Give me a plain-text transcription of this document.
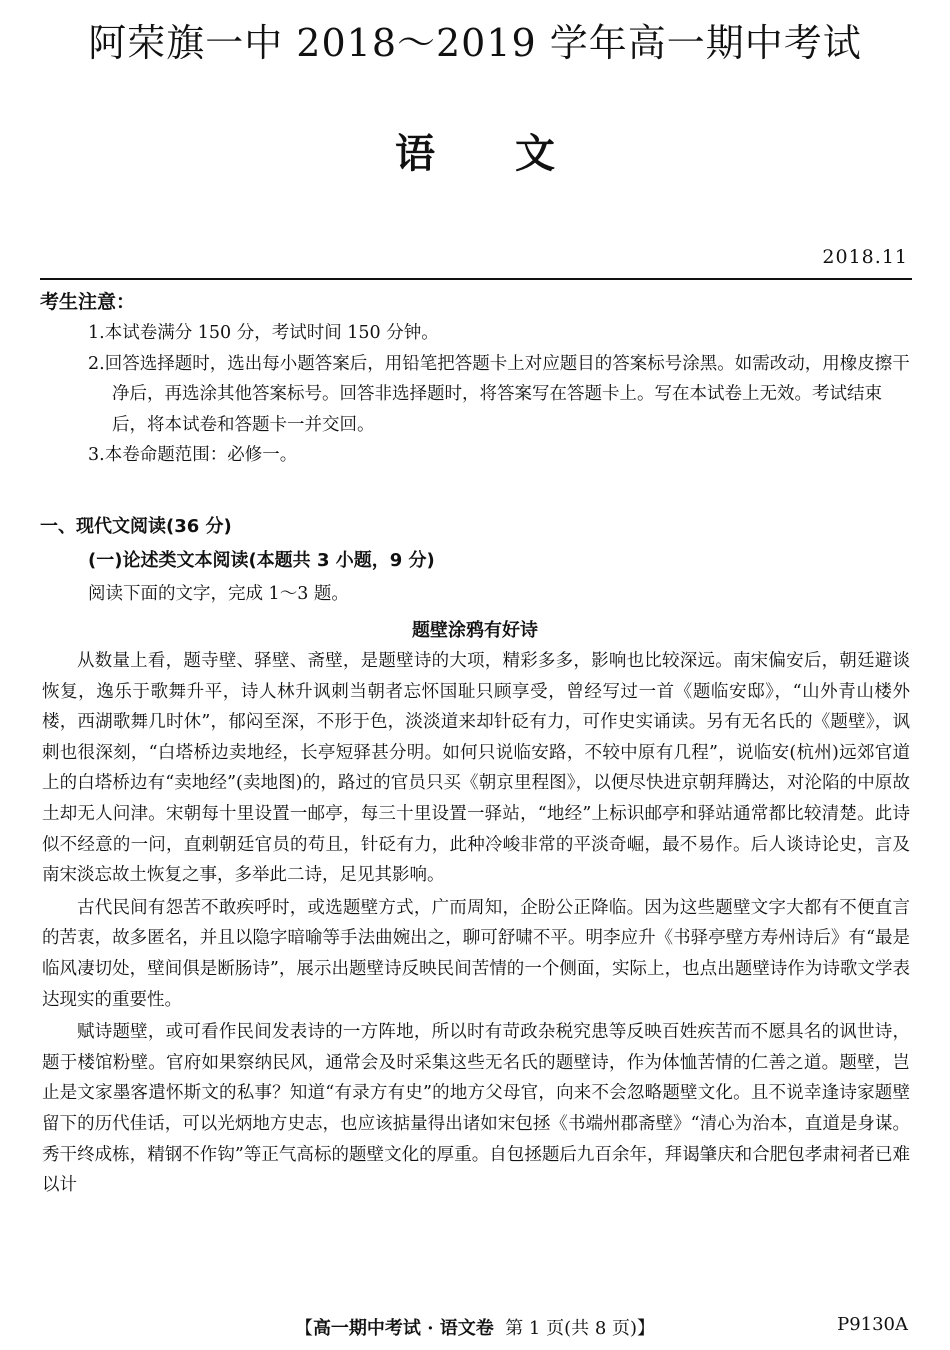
阿荣旗一中 2018～2019 学年高一期中考试
语文
2018.11
考生注意：

1.本试卷满分 150 分，考试时间 150 分钟。

2.回答选择题时，选出每小题答案后，用铅笔把答题卡上对应题目的答案标号涂黑。如需改动，用橡皮擦干净后，再选涂其他答案标号。回答非选择题时，将答案写在答题卡上。写在本试卷上无效。考试结束后，将本试卷和答题卡一并交回。

3.本卷命题范围：必修一。

一、现代文阅读(36 分)
(一)论述类文本阅读(本题共 3 小题，9 分)
阅读下面的文字，完成 1～3 题。
题壁涂鸦有好诗

从数量上看，题寺壁、驿壁、斋壁，是题壁诗的大项，精彩多多，影响也比较深远。南宋偏安后，朝廷避谈恢复，逸乐于歌舞升平，诗人林升讽刺当朝者忘怀国耻只顾享受，曾经写过一首《题临安邸》，“山外青山楼外楼，西湖歌舞几时休”，郁闷至深，不形于色，淡淡道来却针砭有力，可作史实诵读。另有无名氏的《题壁》，讽刺也很深刻，“白塔桥边卖地经，长亭短驿甚分明。如何只说临安路，不较中原有几程”，说临安(杭州)远郊官道上的白塔桥边有“卖地经”(卖地图)的，路过的官员只买《朝京里程图》，以便尽快进京朝拜腾达，对沦陷的中原故土却无人问津。宋朝每十里设置一邮亭，每三十里设置一驿站，“地经”上标识邮亭和驿站通常都比较清楚。此诗似不经意的一问，直刺朝廷官员的苟且，针砭有力，此种冷峻非常的平淡奇崛，最不易作。后人谈诗论史，言及南宋淡忘故土恢复之事，多举此二诗，足见其影响。

古代民间有怨苦不敢疾呼时，或选题壁方式，广而周知，企盼公正降临。因为这些题壁文字大都有不便直言的苦衷，故多匿名，并且以隐字暗喻等手法曲婉出之，聊可舒啸不平。明李应升《书驿亭壁方寿州诗后》有“最是临风凄切处，壁间俱是断肠诗”，展示出题壁诗反映民间苦情的一个侧面，实际上，也点出题壁诗作为诗歌文学表达现实的重要性。

赋诗题壁，或可看作民间发表诗的一方阵地，所以时有苛政杂税究患等反映百姓疾苦而不愿具名的讽世诗，题于楼馆粉壁。官府如果察纳民风，通常会及时采集这些无名氏的题壁诗，作为体恤苦情的仁善之道。题壁，岂止是文家墨客遣怀斯文的私事？知道“有录方有史”的地方父母官，向来不会忽略题壁文化。且不说幸逢诗家题壁留下的历代佳话，可以光炳地方史志，也应该掂量得出诸如宋包拯《书端州郡斋壁》“清心为治本，直道是身谋。秀干终成栋，精钢不作钩”等正气高标的题壁文化的厚重。自包拯题后九百余年，拜谒肇庆和合肥包孝肃祠者已难以计

【高一期中考试 · 语文卷 第 1 页(共 8 页)】	P9130A
